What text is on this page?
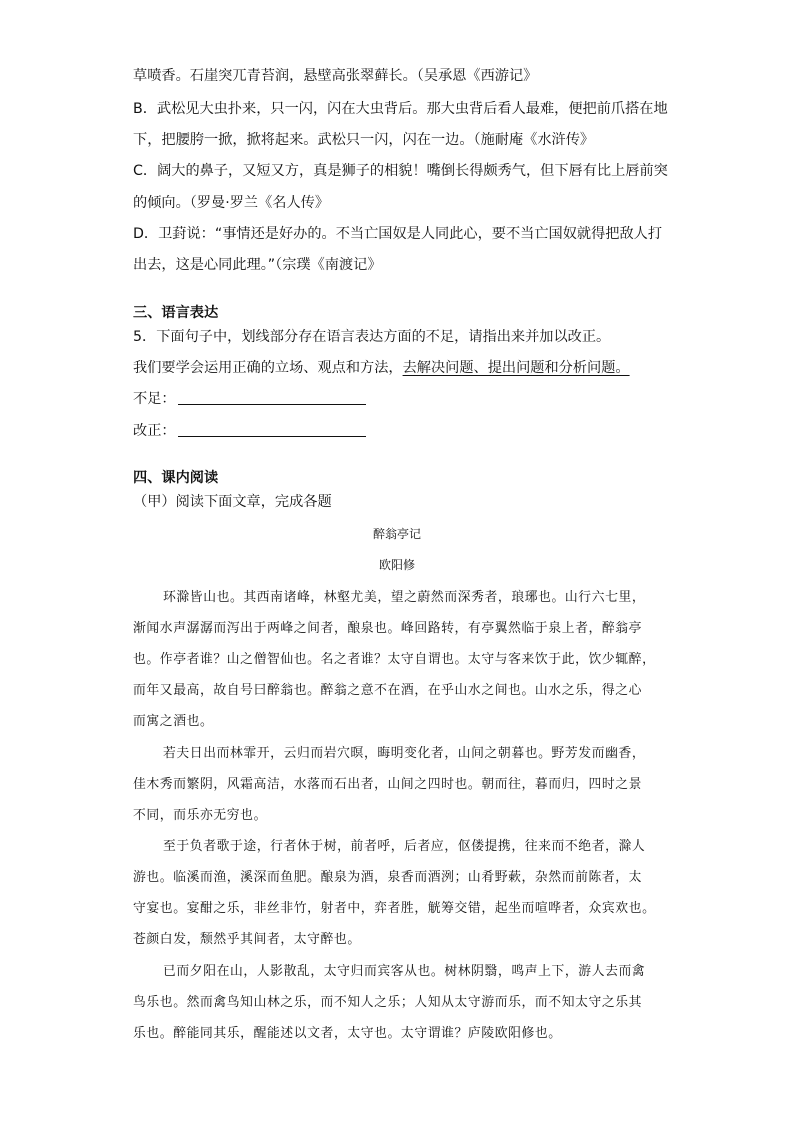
草喷香。石崖突兀青苔润，悬壁高张翠藓长。（吴承恩《西游记》
B．武松见大虫扑来，只一闪，闪在大虫背后。那大虫背后看人最难，便把前爪搭在地
下，把腰胯一掀，掀将起来。武松只一闪，闪在一边。（施耐庵《水浒传》
C．阔大的鼻子，又短又方，真是狮子的相貌！嘴倒长得颇秀气，但下唇有比上唇前突
的倾向。（罗曼·罗兰《名人传》
D．卫葑说：“事情还是好办的。不当亡国奴是人同此心，要不当亡国奴就得把敌人打
出去，这是心同此理。”（宗璞《南渡记》
三、语言表达
5．下面句子中，划线部分存在语言表达方面的不足，请指出来并加以改正。
我们要学会运用正确的立场、观点和方法，去解决问题、提出问题和分析问题。
不足：
改正：
四、课内阅读
（甲）阅读下面文章，完成各题
醉翁亭记
欧阳修
环滁皆山也。其西南诸峰，林壑尤美，望之蔚然而深秀者，琅琊也。山行六七里，
渐闻水声潺潺而泻出于两峰之间者，酿泉也。峰回路转，有亭翼然临于泉上者，醉翁亭
也。作亭者谁？山之僧智仙也。名之者谁？太守自谓也。太守与客来饮于此，饮少辄醉，
而年又最高，故自号曰醉翁也。醉翁之意不在酒，在乎山水之间也。山水之乐，得之心
而寓之酒也。
若夫日出而林霏开，云归而岩穴暝，晦明变化者，山间之朝暮也。野芳发而幽香，
佳木秀而繁阴，风霜高洁，水落而石出者，山间之四时也。朝而往，暮而归，四时之景
不同，而乐亦无穷也。
至于负者歌于途，行者休于树，前者呼，后者应，伛偻提携，往来而不绝者，滁人
游也。临溪而渔，溪深而鱼肥。酿泉为酒，泉香而酒洌；山肴野蔌，杂然而前陈者，太
守宴也。宴酣之乐，非丝非竹，射者中，弈者胜，觥筹交错，起坐而喧哗者，众宾欢也。
苍颜白发，颓然乎其间者，太守醉也。
已而夕阳在山，人影散乱，太守归而宾客从也。树林阴翳，鸣声上下，游人去而禽
鸟乐也。然而禽鸟知山林之乐，而不知人之乐；人知从太守游而乐，而不知太守之乐其
乐也。醉能同其乐，醒能述以文者，太守也。太守谓谁？庐陵欧阳修也。
